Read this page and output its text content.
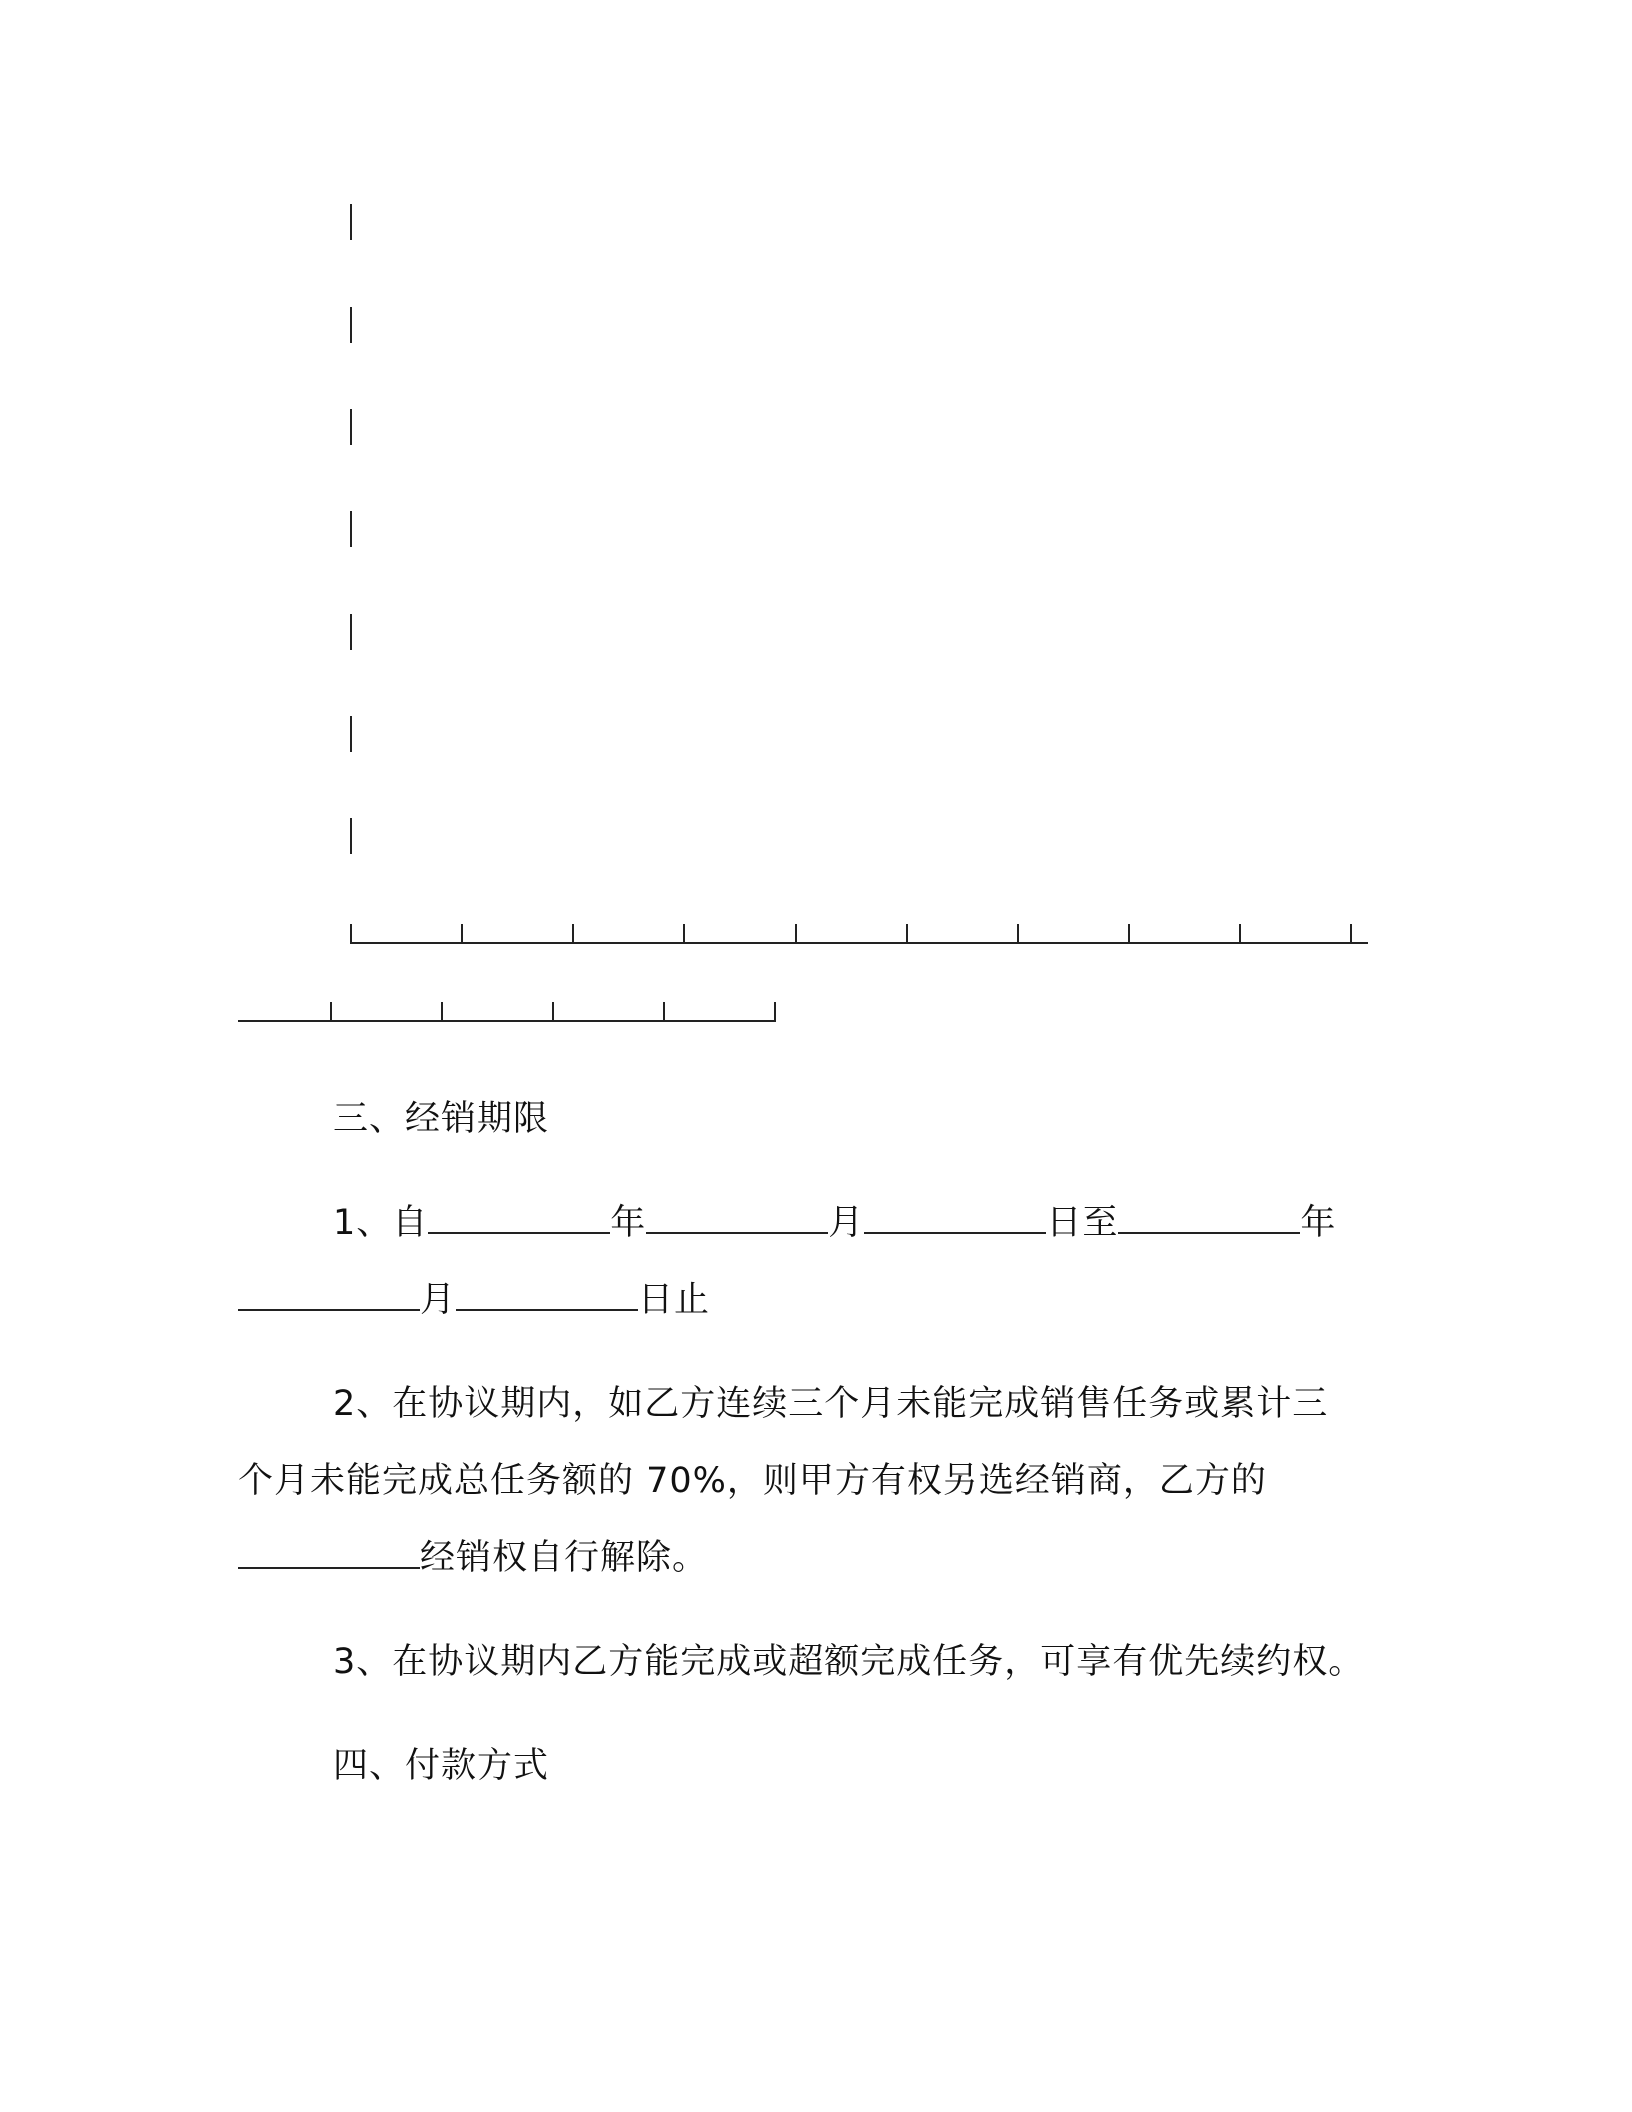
三、经销期限
1、自	年	月	日至	年
月	日止
2、在协议期内，如乙方连续三个月未能完成销售任务或累计三
个月未能完成总任务额的 70%，则甲方有权另选经销商，乙方的
经销权自行解除。
3、在协议期内乙方能完成或超额完成任务，可享有优先续约权。
四、付款方式
